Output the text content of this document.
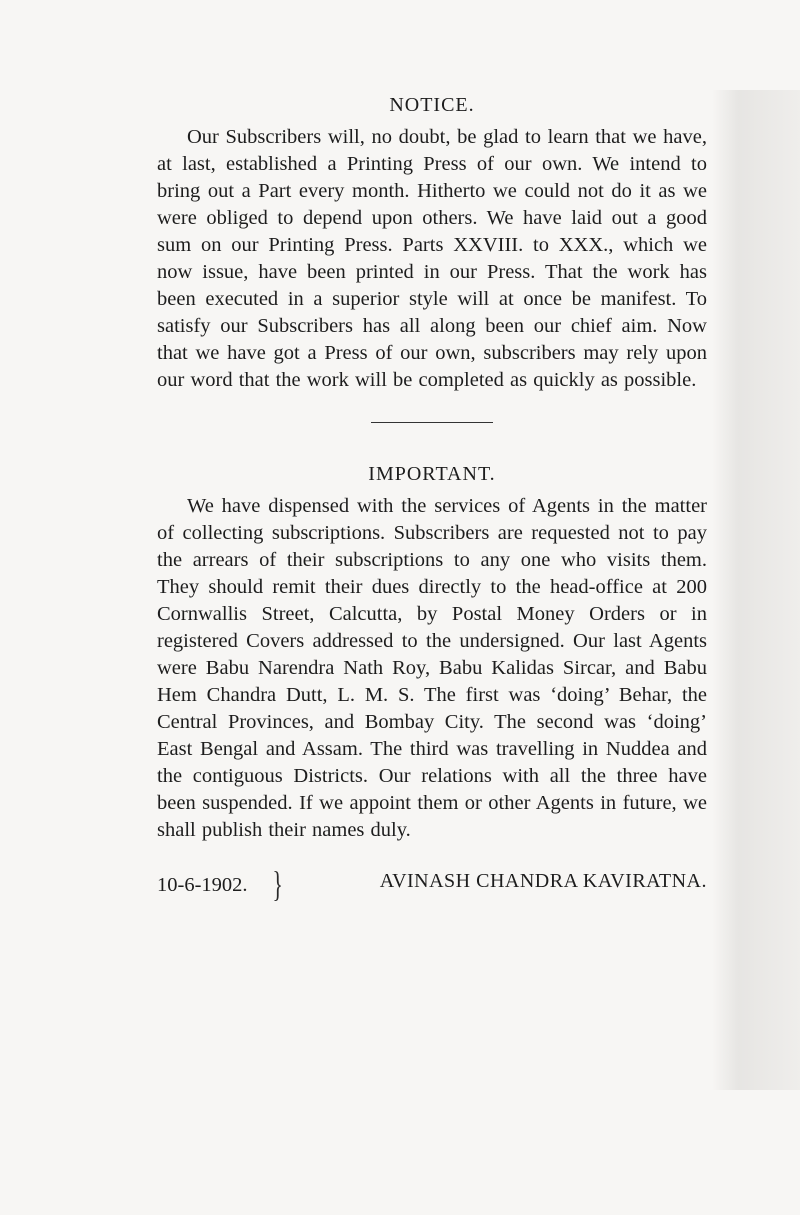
NOTICE.

Our Subscribers will, no doubt, be glad to learn that we have, at last, established a Printing Press of our own. We intend to bring out a Part every month. Hitherto we could not do it as we were obliged to depend upon others. We have laid out a good sum on our Printing Press. Parts XXVIII. to XXX., which we now issue, have been printed in our Press. That the work has been executed in a superior style will at once be manifest. To satisfy our Subscribers has all along been our chief aim. Now that we have got a Press of our own, subscribers may rely upon our word that the work will be completed as quickly as possible.

IMPORTANT.

We have dispensed with the services of Agents in the matter of collecting subscriptions. Subscribers are requested not to pay the arrears of their subscriptions to any one who visits them. They should remit their dues directly to the head-office at 200 Cornwallis Street, Calcutta, by Postal Money Orders or in registered Covers addressed to the undersigned. Our last Agents were Babu Narendra Nath Roy, Babu Kalidas Sircar, and Babu Hem Chandra Dutt, L. M. S. The first was ‘doing’ Behar, the Central Provinces, and Bombay City. The second was ‘doing’ East Bengal and Assam. The third was travelling in Nuddea and the contiguous Districts. Our relations with all the three have been suspended. If we appoint them or other Agents in future, we shall publish their names duly.

10-6-1902. }	AVINASH CHANDRA KAVIRATNA.
